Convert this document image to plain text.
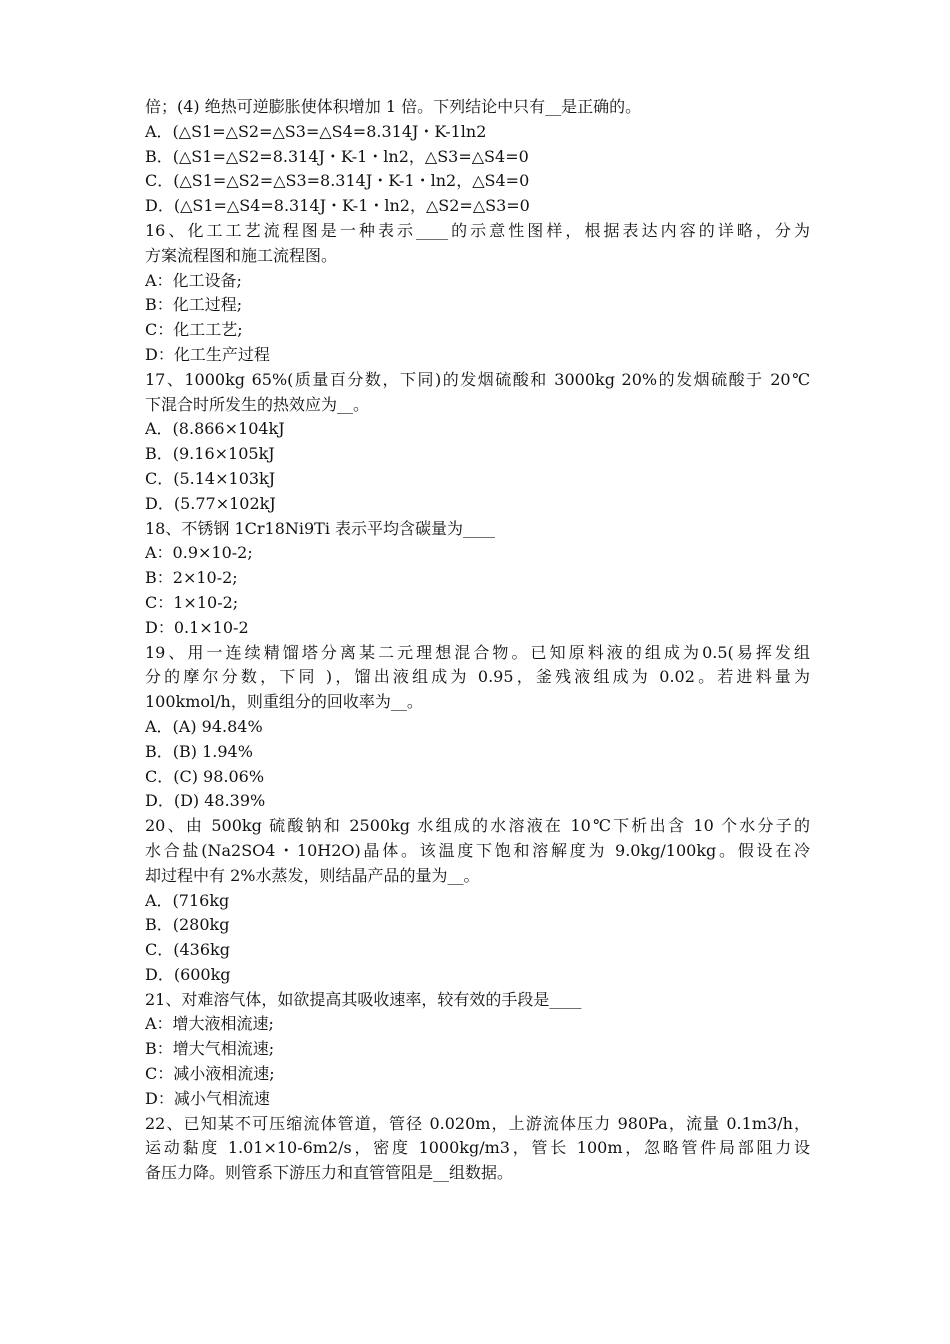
倍；(4) 绝热可逆膨胀使体积增加 1 倍。下列结论中只有__是正确的。
A．(△S1=△S2=△S3=△S4=8.314J・K-1ln2
B．(△S1=△S2=8.314J・K-1・ln2，△S3=△S4=0
C．(△S1=△S2=△S3=8.314J・K-1・ln2，△S4=0
D．(△S1=△S4=8.314J・K-1・ln2，△S2=△S3=0
16、化工工艺流程图是一种表示____的示意性图样，根据表达内容的详略，分为
方案流程图和施工流程图。
A：化工设备;
B：化工过程;
C：化工工艺;
D：化工生产过程
17、1000kg 65%(质量百分数，下同)的发烟硫酸和 3000kg 20%的发烟硫酸于 20℃
下混合时所发生的热效应为__。
A．(8.866×104kJ
B．(9.16×105kJ
C．(5.14×103kJ
D．(5.77×102kJ
18、不锈钢 1Cr18Ni9Ti 表示平均含碳量为____
A：0.9×10-2;
B：2×10-2;
C：1×10-2;
D：0.1×10-2
19、用一连续精馏塔分离某二元理想混合物。已知原料液的组成为0.5(易挥发组
分的摩尔分数，下同 )，馏出液组成为 0.95，釜残液组成为 0.02。若进料量为
100kmol/h，则重组分的回收率为__。
A．(A) 94.84%
B．(B) 1.94%
C．(C) 98.06%
D．(D) 48.39%
20、由 500kg 硫酸钠和 2500kg 水组成的水溶液在 10℃下析出含 10 个水分子的
水合盐(Na2SO4・10H2O)晶体。该温度下饱和溶解度为 9.0kg/100kg。假设在冷
却过程中有 2%水蒸发，则结晶产品的量为__。
A．(716kg
B．(280kg
C．(436kg
D．(600kg
21、对难溶气体，如欲提高其吸收速率，较有效的手段是____
A：增大液相流速;
B：增大气相流速;
C：减小液相流速;
D：减小气相流速
22、已知某不可压缩流体管道，管径 0.020m，上游流体压力 980Pa，流量 0.1m3/h，
运动黏度 1.01×10-6m2/s，密度 1000kg/m3，管长 100m，忽略管件局部阻力设
备压力降。则管系下游压力和直管管阻是__组数据。
